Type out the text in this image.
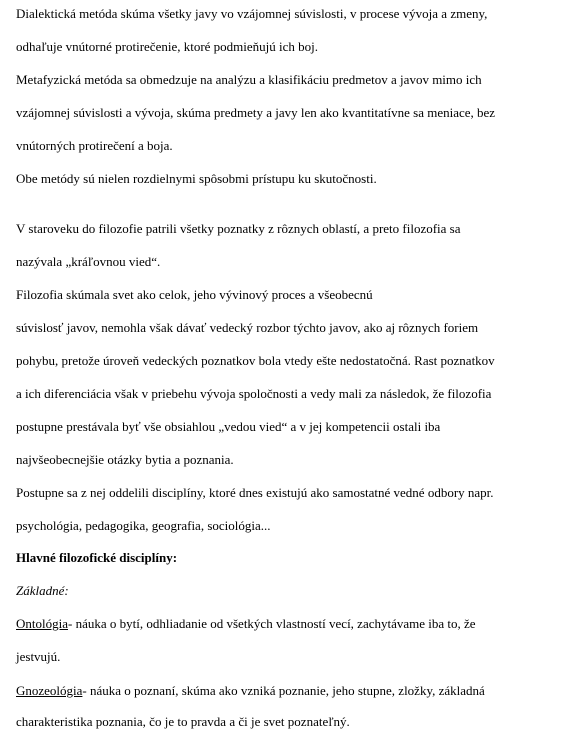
Dialektická metóda skúma všetky javy vo vzájomnej súvislosti, v procese vývoja a zmeny,
odhaľuje vnútorné protirečenie, ktoré podmieňujú ich boj.
Metafyzická metóda sa obmedzuje na analýzu a klasifikáciu predmetov a javov mimo ich
vzájomnej súvislosti a vývoja, skúma predmety a javy len ako kvantitatívne sa meniace, bez
vnútorných protirečení a boja.
Obe metódy sú nielen rozdielnymi spôsobmi prístupu ku skutočnosti.
V staroveku do filozofie patrili všetky poznatky z rôznych oblastí, a preto filozofia sa
nazývala „kráľovnou vied“.
Filozofia skúmala svet ako celok, jeho vývinový proces a všeobecnú
súvislosť javov, nemohla však dávať vedecký rozbor týchto javov, ako aj rôznych foriem
pohybu, pretože úroveň vedeckých poznatkov bola vtedy ešte nedostatočná. Rast poznatkov
a ich diferenciácia však v priebehu vývoja spoločnosti a vedy mali za následok, že filozofia
postupne prestávala byť vše obsiahlou „vedou vied“ a v jej kompetencii ostali iba
najvšeobecnejšie otázky bytia a poznania.
Postupne sa z nej oddelili disciplíny, ktoré dnes existujú ako samostatné vedné odbory napr.
psychológia, pedagogika, geografia, sociológia...
Hlavné filozofické disciplíny:
Základné:
Ontológia- náuka o bytí, odhliadanie od všetkých vlastností vecí, zachytávame iba to, že
jestvujú.
Gnozeológia- náuka o poznaní, skúma ako vzniká poznanie, jeho stupne, zložky, základná
charakteristika poznania, čo je to pravda a či je svet poznateľný.
